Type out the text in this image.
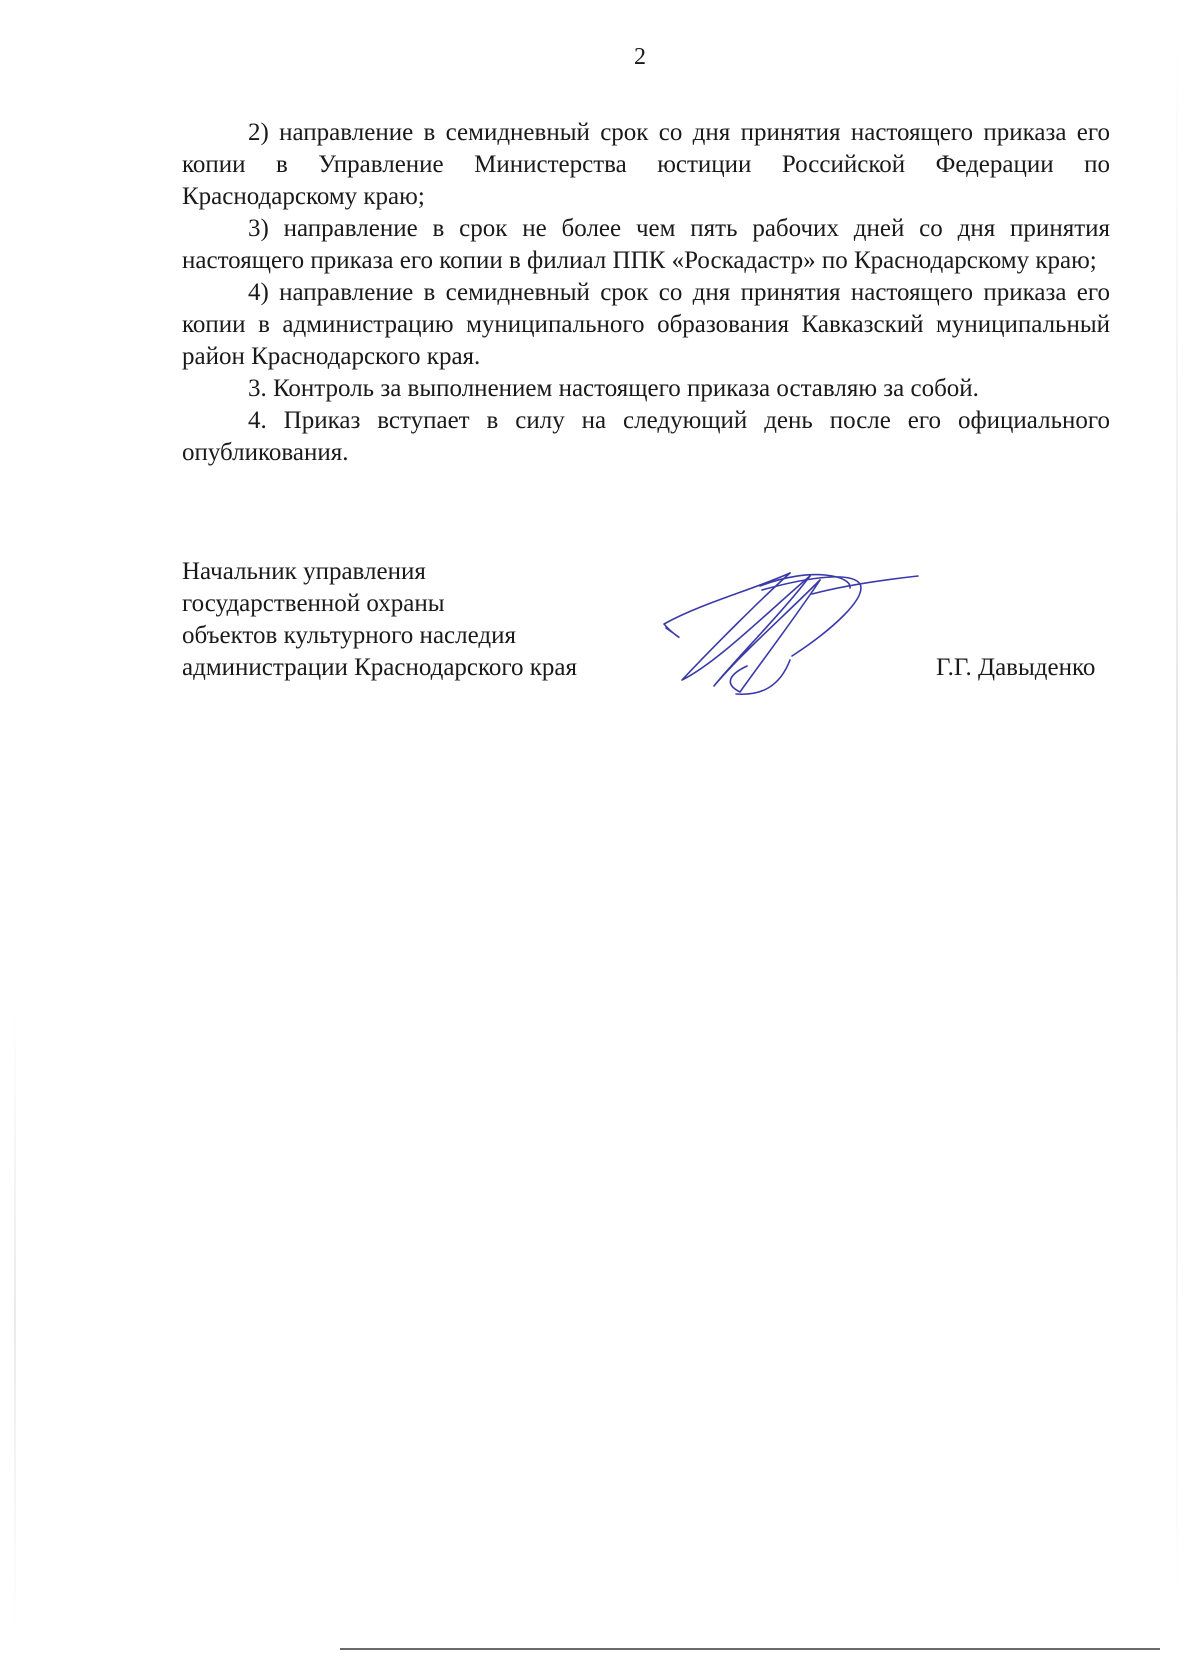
2

2) направление в семидневный срок со дня принятия настоящего приказа его копии в Управление Министерства юстиции Российской Федерации по Краснодарскому краю;

3) направление в срок не более чем пять рабочих дней со дня принятия настоящего приказа его копии в филиал ППК «Роскадастр» по Краснодарскому краю;

4) направление в семидневный срок со дня принятия настоящего приказа его копии в администрацию муниципального образования Кавказский муниципальный район Краснодарского края.

3. Контроль за выполнением настоящего приказа оставляю за собой.

4. Приказ вступает в силу на следующий день после его официального опубликования.

Начальник управления
государственной охраны
объектов культурного наследия
администрации Краснодарского края	Г.Г. Давыденко
